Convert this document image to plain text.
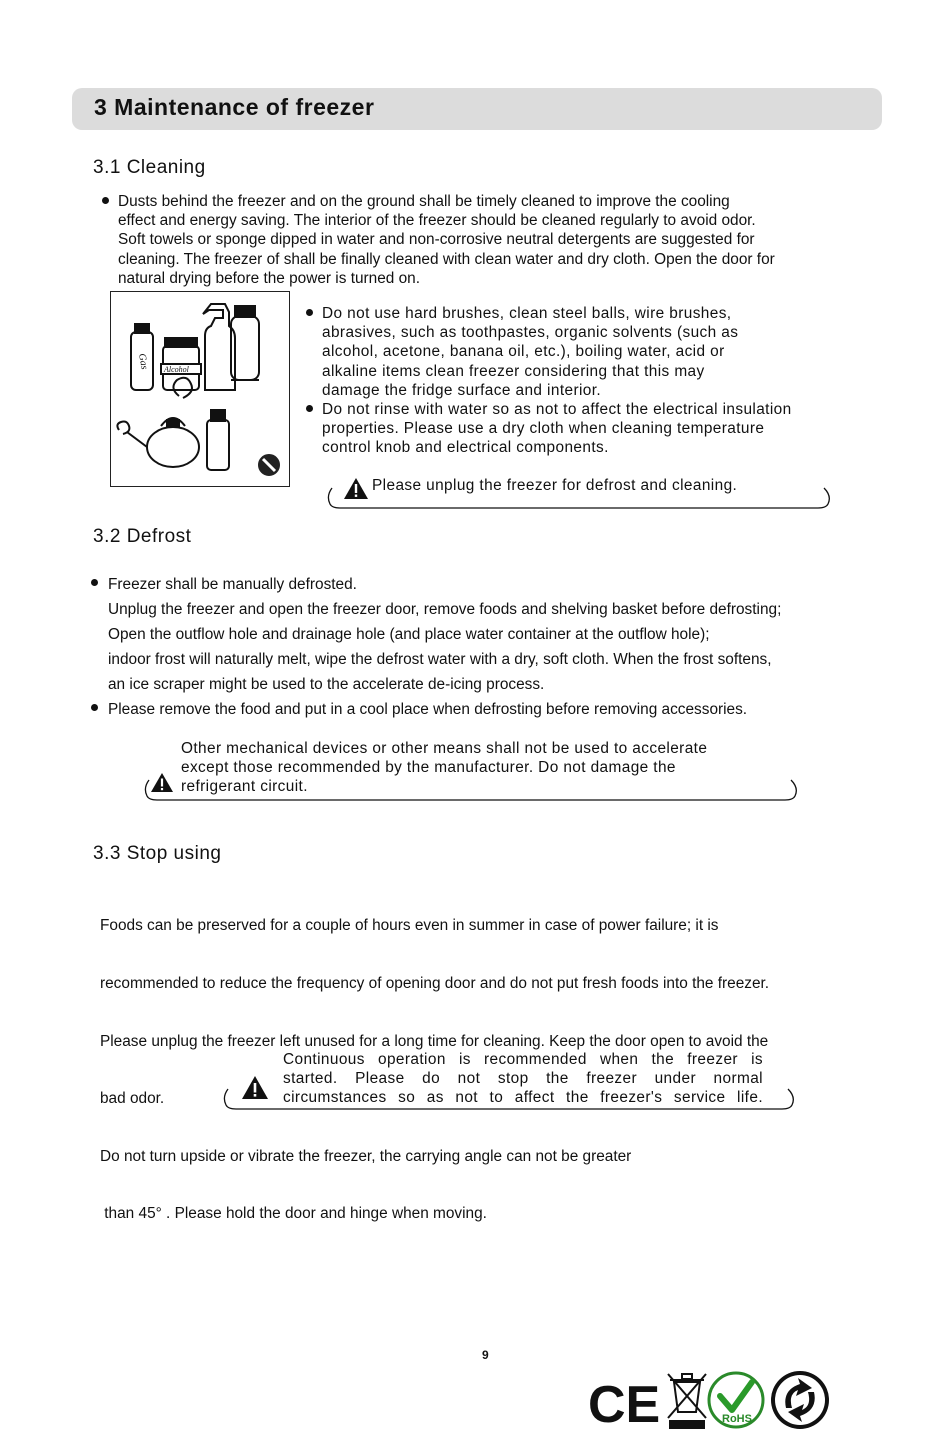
3 Maintenance of freezer
3.1 Cleaning
Dusts behind the freezer and on the ground shall be timely cleaned to improve the cooling
effect and energy saving. The interior of the freezer should be cleaned regularly to avoid odor.
Soft towels or sponge dipped in water and non-corrosive neutral detergents are suggested for
cleaning. The freezer of shall be finally cleaned with clean water and dry cloth. Open the door for
natural drying before the power is turned on.
Gas Alcohol
Do not use hard brushes, clean steel balls, wire brushes,
abrasives, such as toothpastes, organic solvents (such as
alcohol, acetone, banana oil, etc.), boiling water, acid or
alkaline items clean freezer considering that this may
damage the fridge surface and interior.
Do not rinse with water so as not to affect the electrical insulation
properties. Please use a dry cloth when cleaning temperature
control knob and electrical components.
Please unplug the freezer for defrost and cleaning.
3.2 Defrost
Freezer shall be manually defrosted.
Unplug the freezer and open the freezer door, remove foods and shelving basket before defrosting;
Open the outflow hole and drainage hole (and place water container at the outflow hole);
indoor frost will naturally melt, wipe the defrost water with a dry, soft cloth. When the frost softens,
an ice scraper might be used to the accelerate de-icing process.
Please remove the food and put in a cool place when defrosting before removing accessories.
Other mechanical devices or other means shall not be used to accelerate
except those recommended by the manufacturer. Do not damage the
refrigerant circuit.
3.3 Stop using

Foods can be preserved for a couple of hours even in summer in case of power failure; it is

recommended to reduce the frequency of opening door and do not put fresh foods into the freezer.

Please unplug the freezer left unused for a long time for cleaning. Keep the door open to avoid the

bad odor.

Do not turn upside or vibrate the freezer, the carrying angle can not be greater

than 45° . Please hold the door and hinge when moving.

Continuous operation is recommended when the freezer is
started. Please do not stop the freezer under normal
circumstances so as not to affect the freezer's service life.
9
CE	RoHS
